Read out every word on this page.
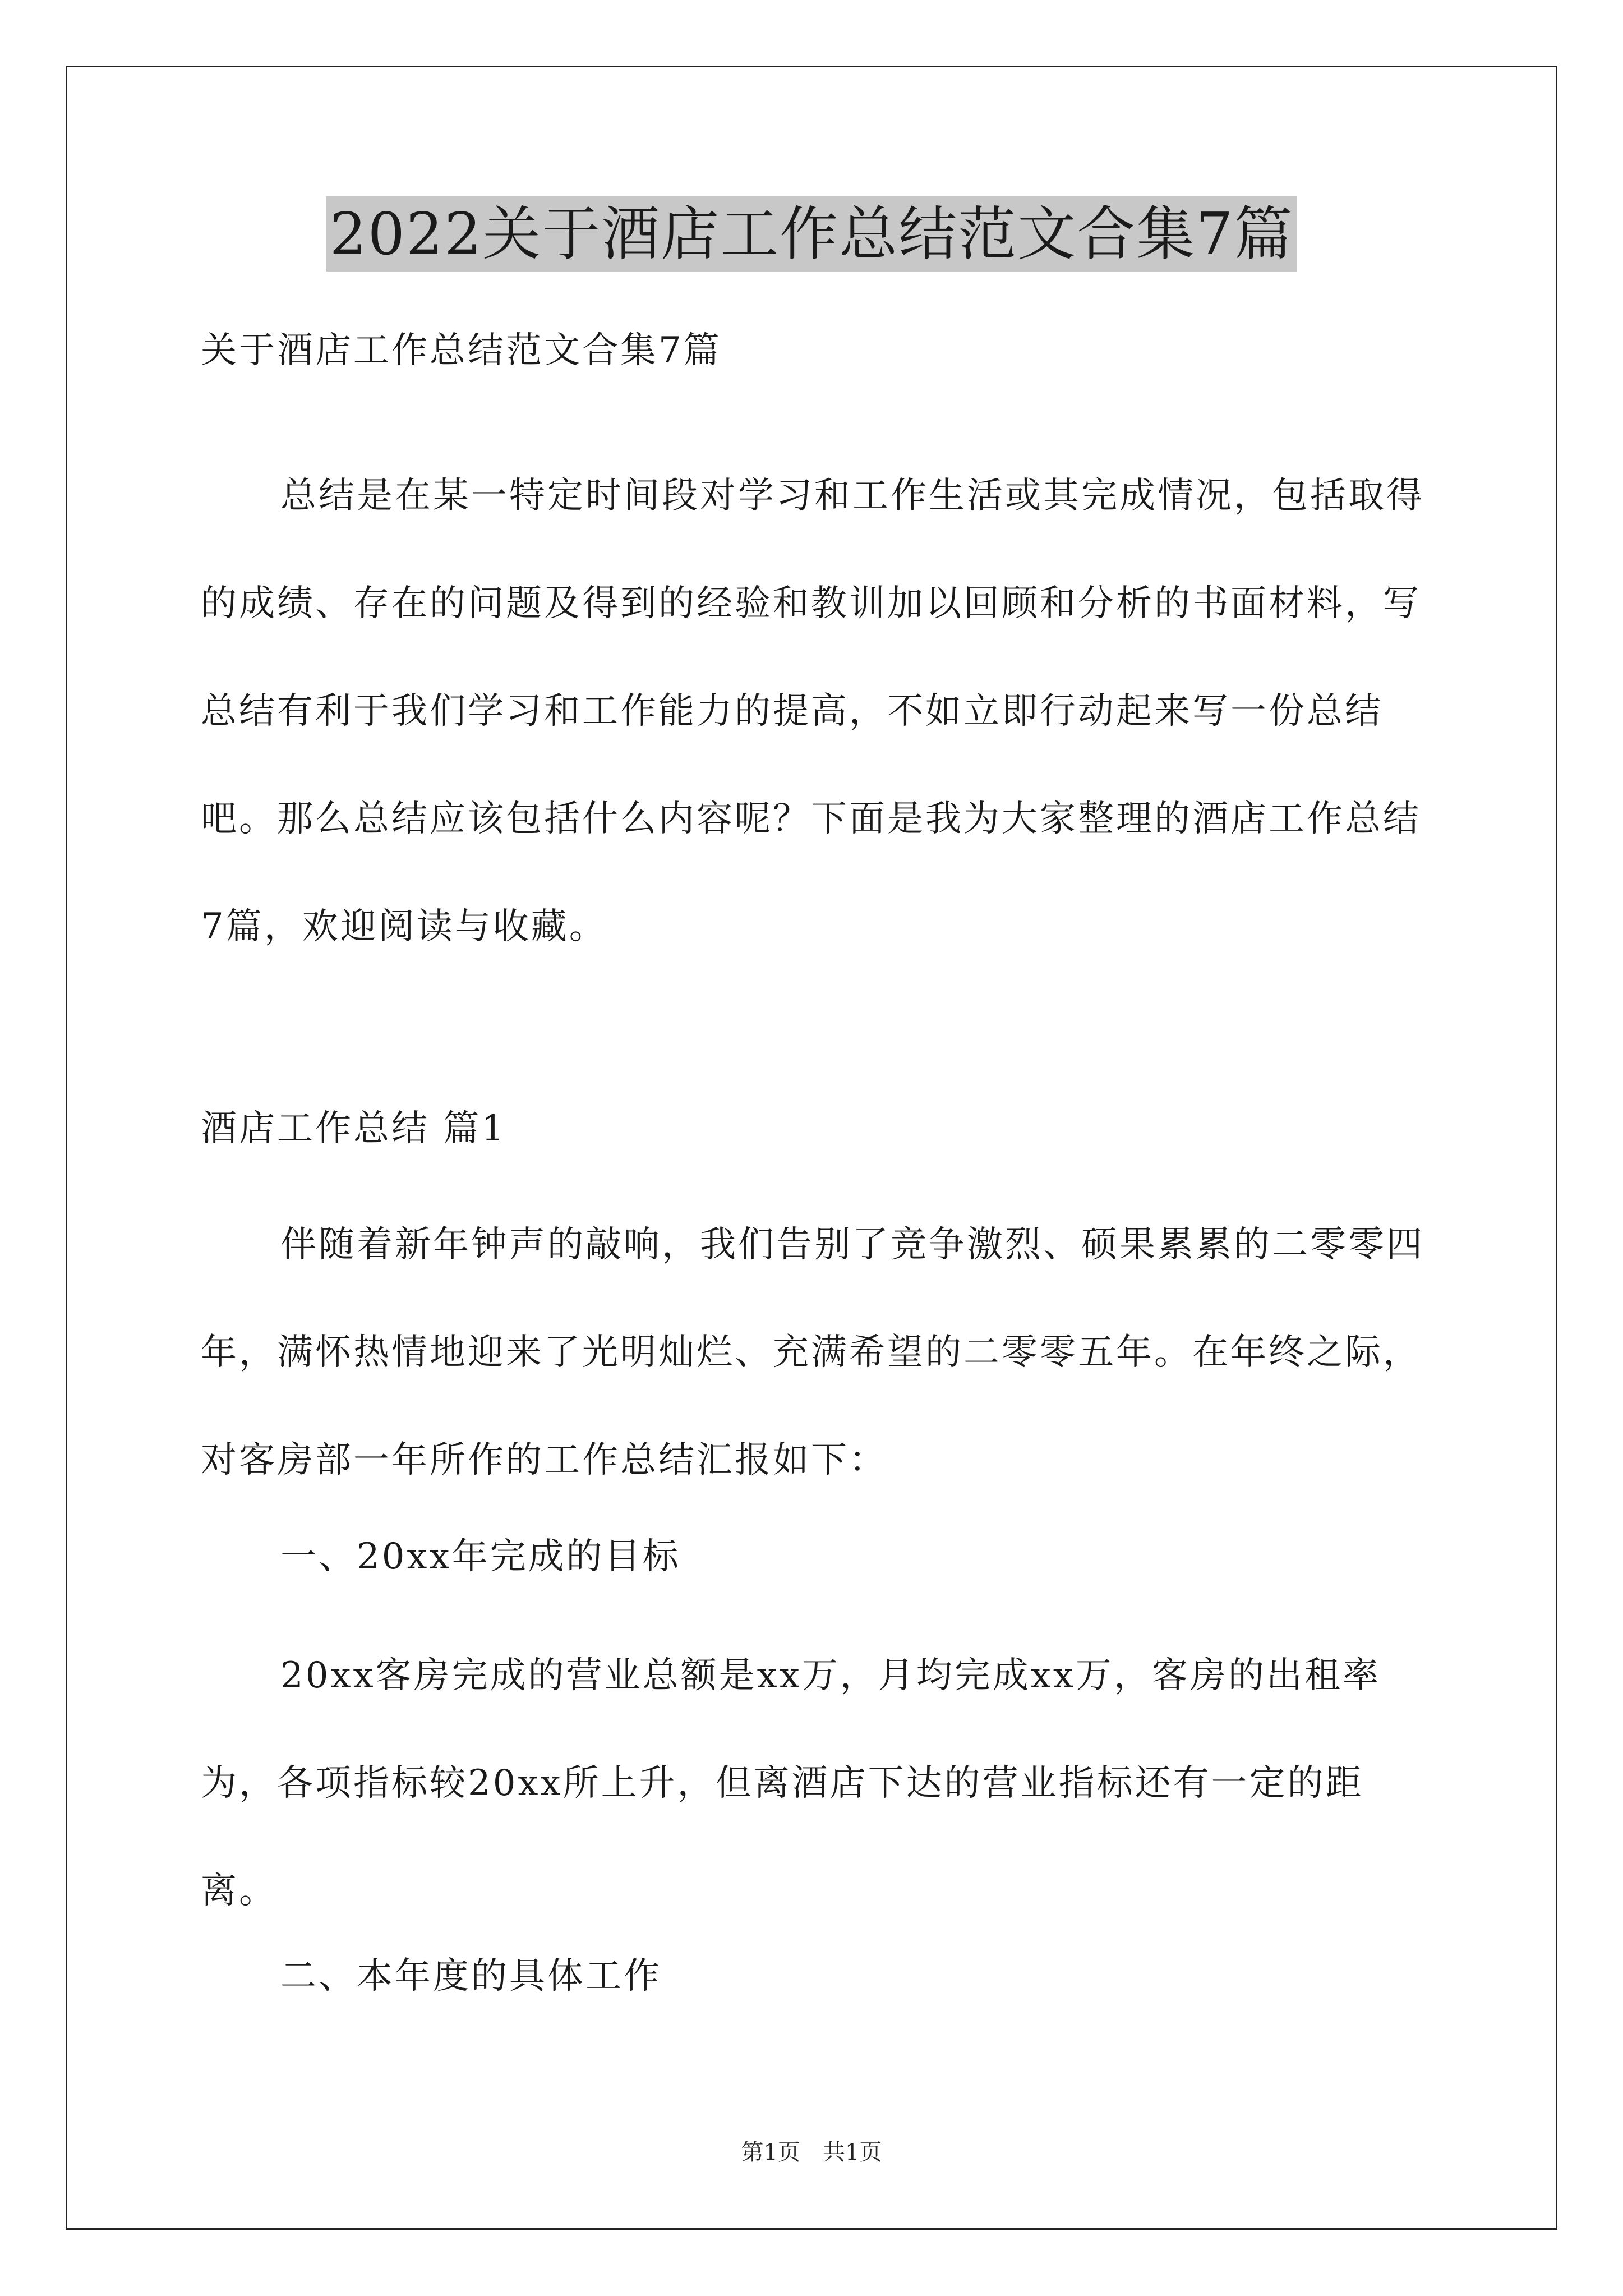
2022关于酒店工作总结范文合集7篇

关于酒店工作总结范文合集7篇

总结是在某一特定时间段对学习和工作生活或其完成情况，包括取得的成绩、存在的问题及得到的经验和教训加以回顾和分析的书面材料，写总结有利于我们学习和工作能力的提高，不如立即行动起来写一份总结吧。那么总结应该包括什么内容呢？下面是我为大家整理的酒店工作总结7篇，欢迎阅读与收藏。

酒店工作总结 篇1

伴随着新年钟声的敲响，我们告别了竞争激烈、硕果累累的二零零四年，满怀热情地迎来了光明灿烂、充满希望的二零零五年。在年终之际，对客房部一年所作的工作总结汇报如下：

一、20xx年完成的目标

20xx客房完成的营业总额是xx万，月均完成xx万，客房的出租率为，各项指标较20xx所上升，但离酒店下达的营业指标还有一定的距离。

二、本年度的具体工作

第1页　共1页
